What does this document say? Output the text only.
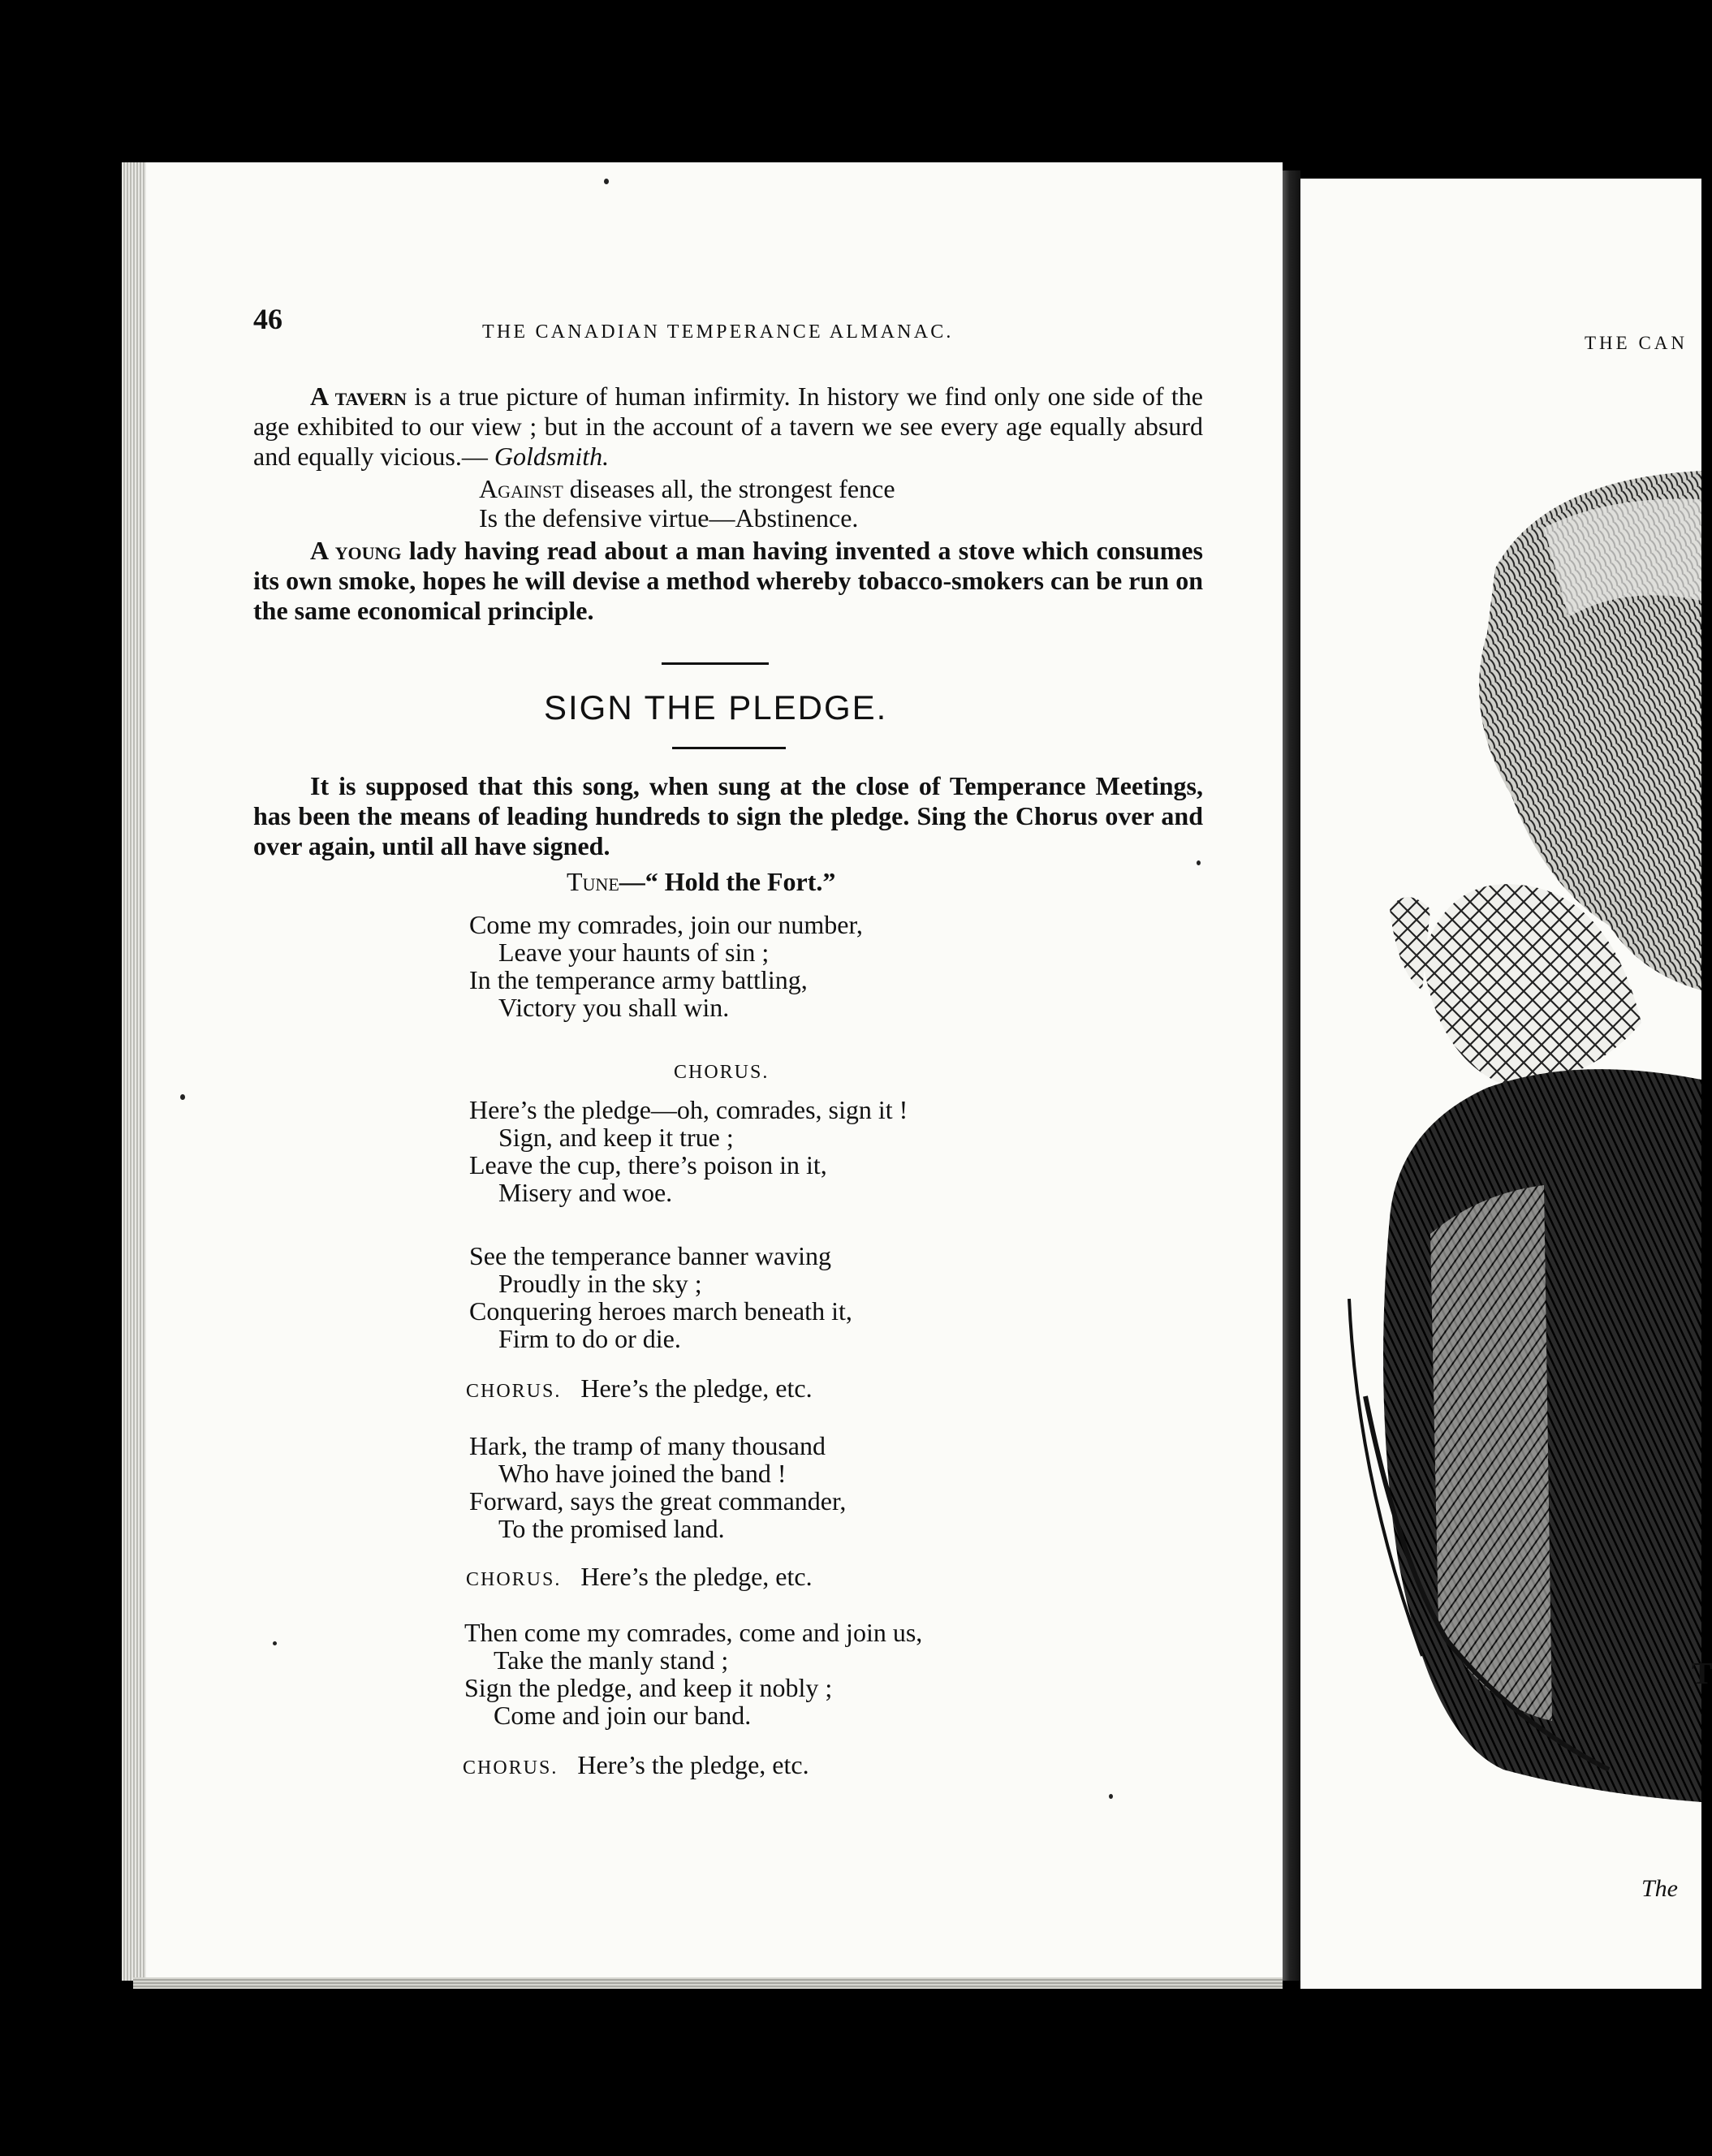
46	THE CANADIAN TEMPERANCE ALMANAC.

A tavern is a true picture of human infirmity. In history we find only one side of the age exhibited to our view ; but in the account of a tavern we see every age equally absurd and equally vicious.— Goldsmith.

Against diseases all, the strongest fence
Is the defensive virtue—Abstinence.

A young lady having read about a man having invented a stove which consumes its own smoke, hopes he will devise a method whereby tobacco-smokers can be run on the same economical principle.

SIGN THE PLEDGE.

It is supposed that this song, when sung at the close of Temperance Meetings, has been the means of leading hundreds to sign the pledge. Sing the Chorus over and over again, until all have signed.

Tune—“ Hold the Fort.”
Come my comrades, join our number,
Leave your haunts of sin ;
In the temperance army battling,
Victory you shall win.
CHORUS.
Here’s the pledge—oh, comrades, sign it !
Sign, and keep it true ;
Leave the cup, there’s poison in it,
Misery and woe.
See the temperance banner waving
Proudly in the sky ;
Conquering heroes march beneath it,
Firm to do or die.
CHORUS. Here’s the pledge, etc.
Hark, the tramp of many thousand
Who have joined the band !
Forward, says the great commander,
To the promised land.
CHORUS. Here’s the pledge, etc.
Then come my comrades, come and join us,
Take the manly stand ;
Sign the pledge, and keep it nobly ;
Come and join our band.
CHORUS. Here’s the pledge, etc.
THE CAN
T
The
